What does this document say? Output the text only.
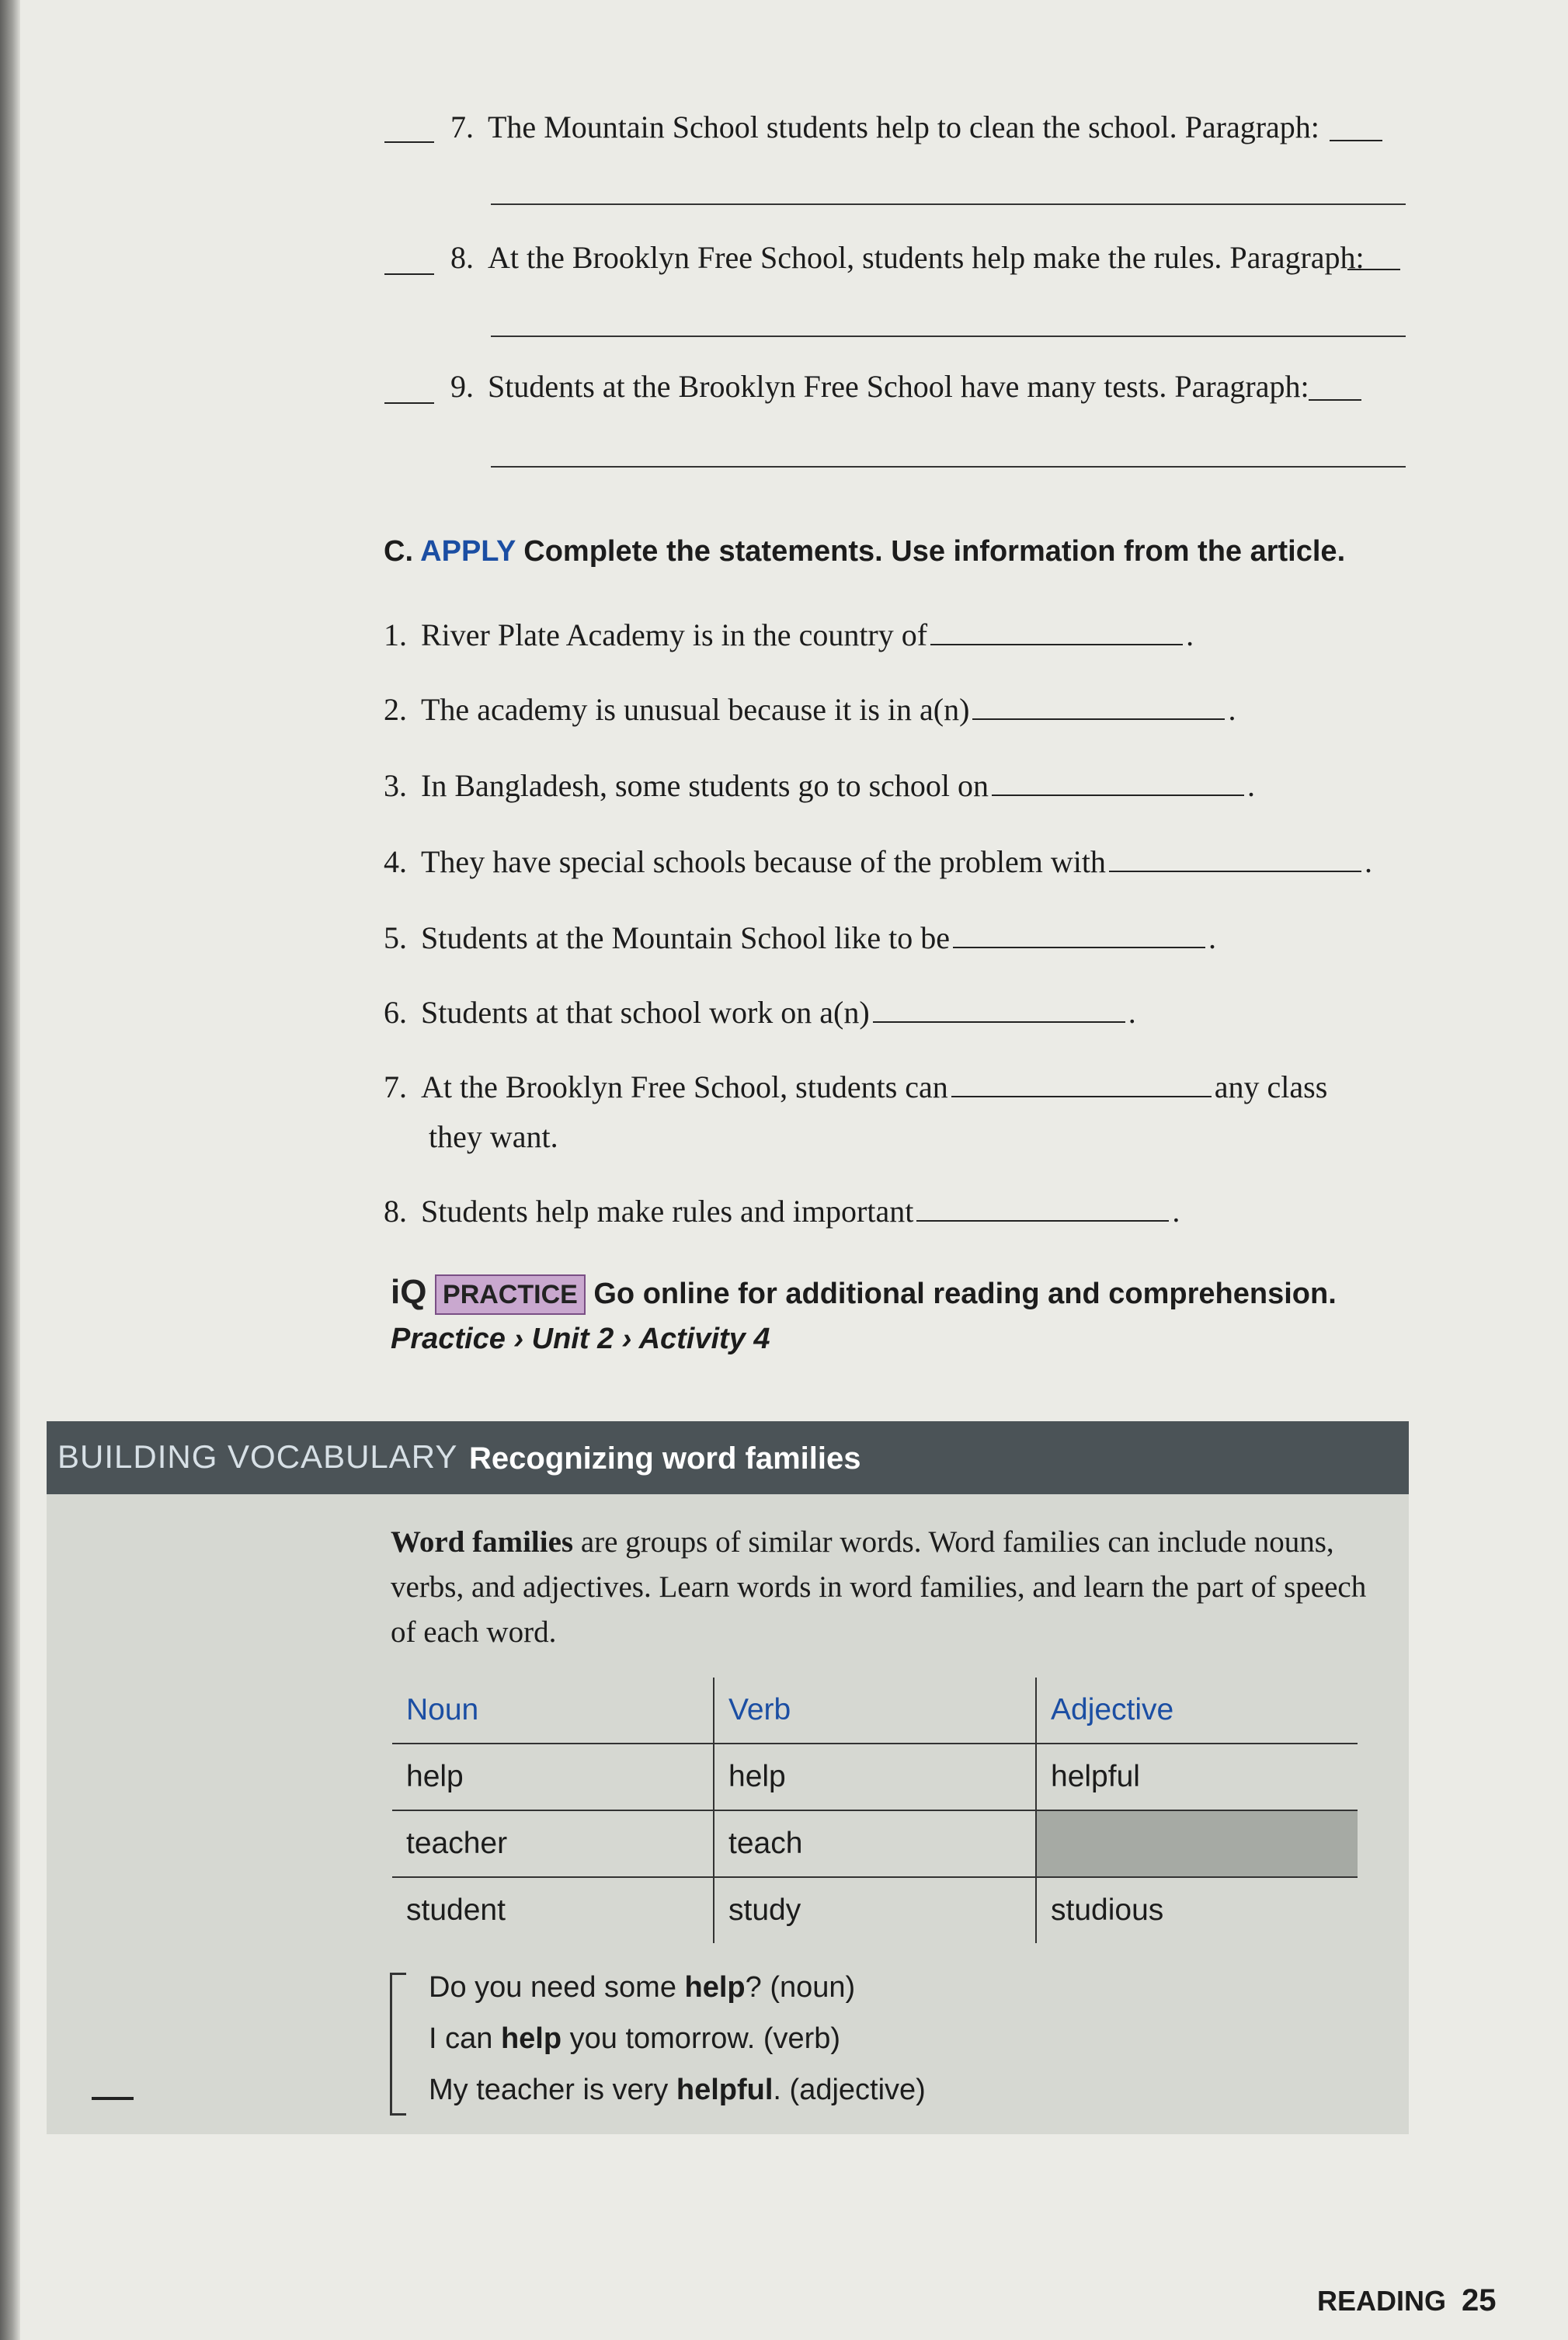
7. The Mountain School students help to clean the school. Paragraph:
8. At the Brooklyn Free School, students help make the rules. Paragraph:
9. Students at the Brooklyn Free School have many tests. Paragraph:
C. APPLY Complete the statements. Use information from the article.
1. River Plate Academy is in the country of	.
2. The academy is unusual because it is in a(n)	.
3. In Bangladesh, some students go to school on	.
4. They have special schools because of the problem with	.
5. Students at the Mountain School like to be	.
6. Students at that school work on a(n)	.
7. At the Brooklyn Free School, students can	any class
they want.
8. Students help make rules and important	.
iQ PRACTICE Go online for additional reading and comprehension.
Practice › Unit 2 › Activity 4
BUILDING VOCABULARY Recognizing word families
Word families are groups of similar words. Word families can include nouns,
verbs, and adjectives. Learn words in word families, and learn the part of speech
of each word.
Noun	Verb	Adjective
help	help	helpful
teacher	teach	
student	study	studious
Do you need some help? (noun)
I can help you tomorrow. (verb)
My teacher is very helpful. (adjective)
READING 25
